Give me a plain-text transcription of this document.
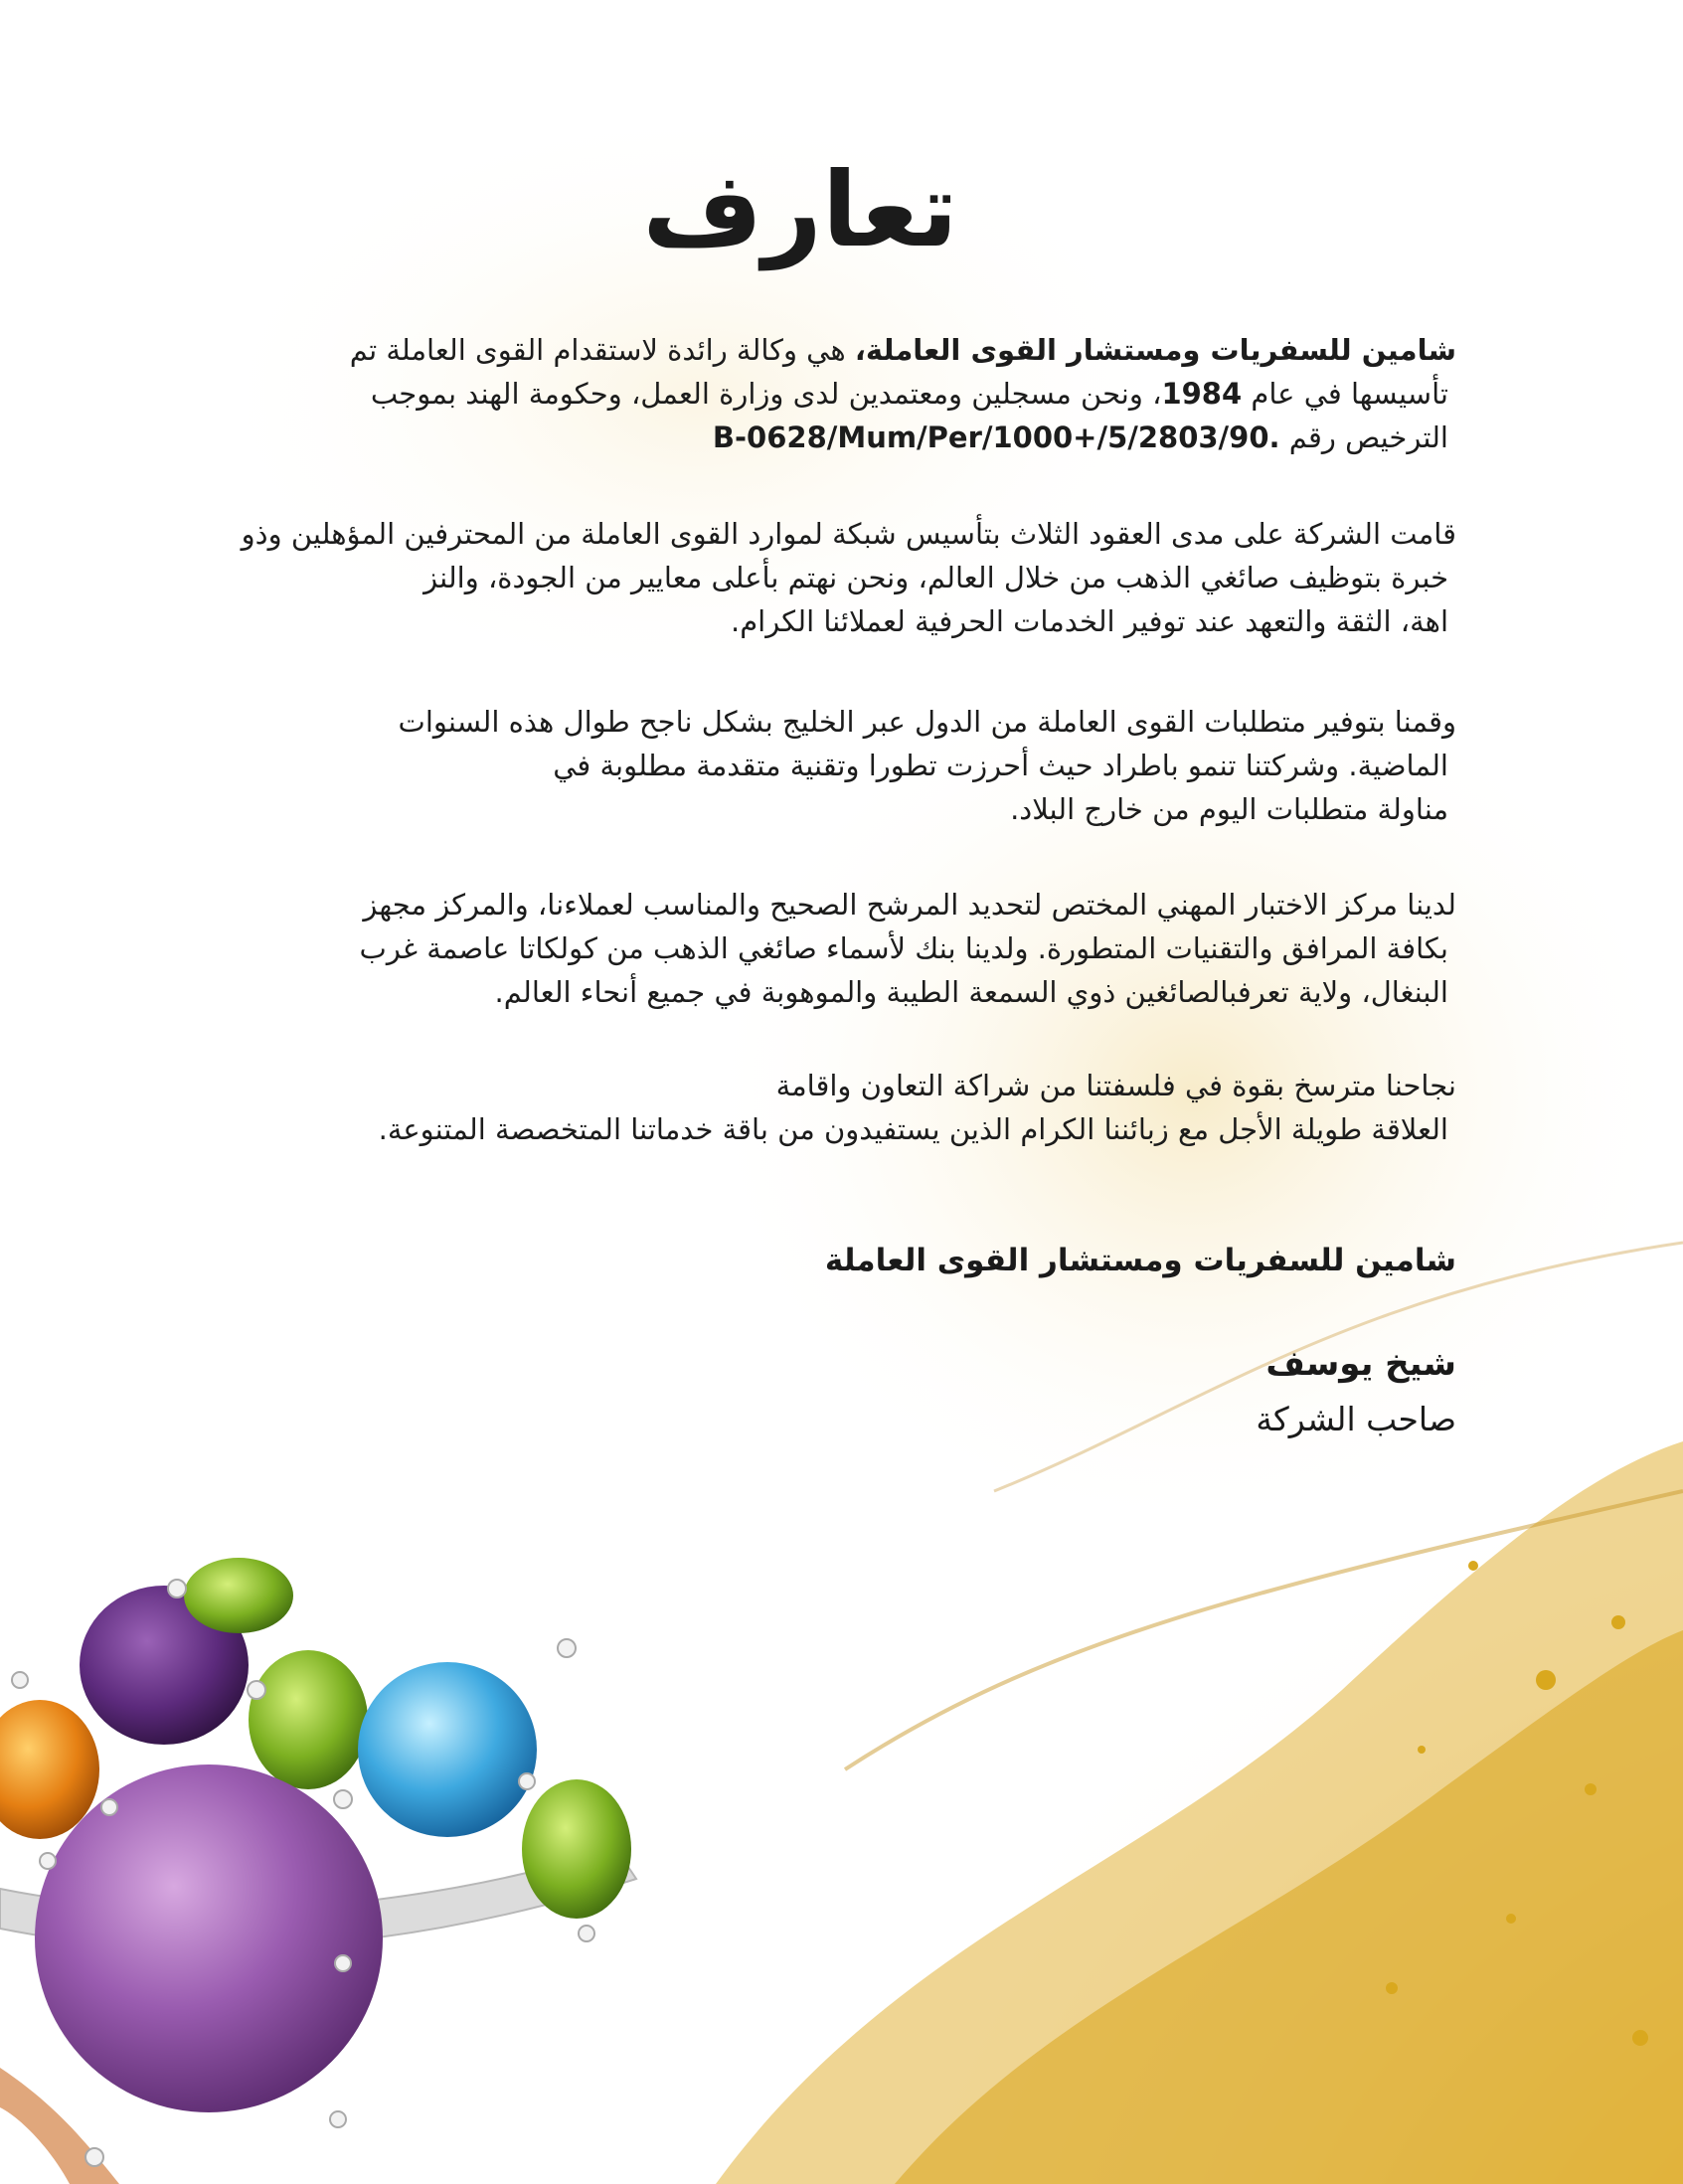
تعارف
شامين للسفريات ومستشار القوى العاملة، هي وكالة رائدة لاستقدام القوى العاملة تم
تأسيسها في عام 1984، ونحن مسجلين ومعتمدين لدى وزارة العمل، وحكومة الهند بموجب
الترخيص رقم B-0628/Mum/Per/1000+/5/2803/90.
قامت الشركة على مدى العقود الثلاث بتأسيس شبكة لموارد القوى العاملة من المحترفين المؤهلين وذو
خبرة بتوظيف صائغي الذهب من خلال العالم، ونحن نهتم بأعلى معايير من الجودة، والنز
اهة، الثقة والتعهد عند توفير الخدمات الحرفية لعملائنا الكرام.
وقمنا بتوفير متطلبات القوى العاملة من الدول عبر الخليج بشكل ناجح طوال هذه السنوات
الماضية. وشركتنا تنمو باطراد حيث أحرزت تطورا وتقنية متقدمة مطلوبة في
مناولة متطلبات اليوم من خارج البلاد.
لدينا مركز الاختبار المهني المختص لتحديد المرشح الصحيح والمناسب لعملاءنا، والمركز مجهز
بكافة المرافق والتقنيات المتطورة. ولدينا بنك لأسماء صائغي الذهب من كولكاتا عاصمة غرب
البنغال، ولاية تعرفبالصائغين ذوي السمعة الطيبة والموهوبة في جميع أنحاء العالم.
نجاحنا مترسخ بقوة في فلسفتنا من شراكة التعاون واقامة
العلاقة طويلة الأجل مع زبائننا الكرام الذين يستفيدون من باقة خدماتنا المتخصصة المتنوعة.
شامين للسفريات ومستشار القوى العاملة
شيخ يوسف
صاحب الشركة
